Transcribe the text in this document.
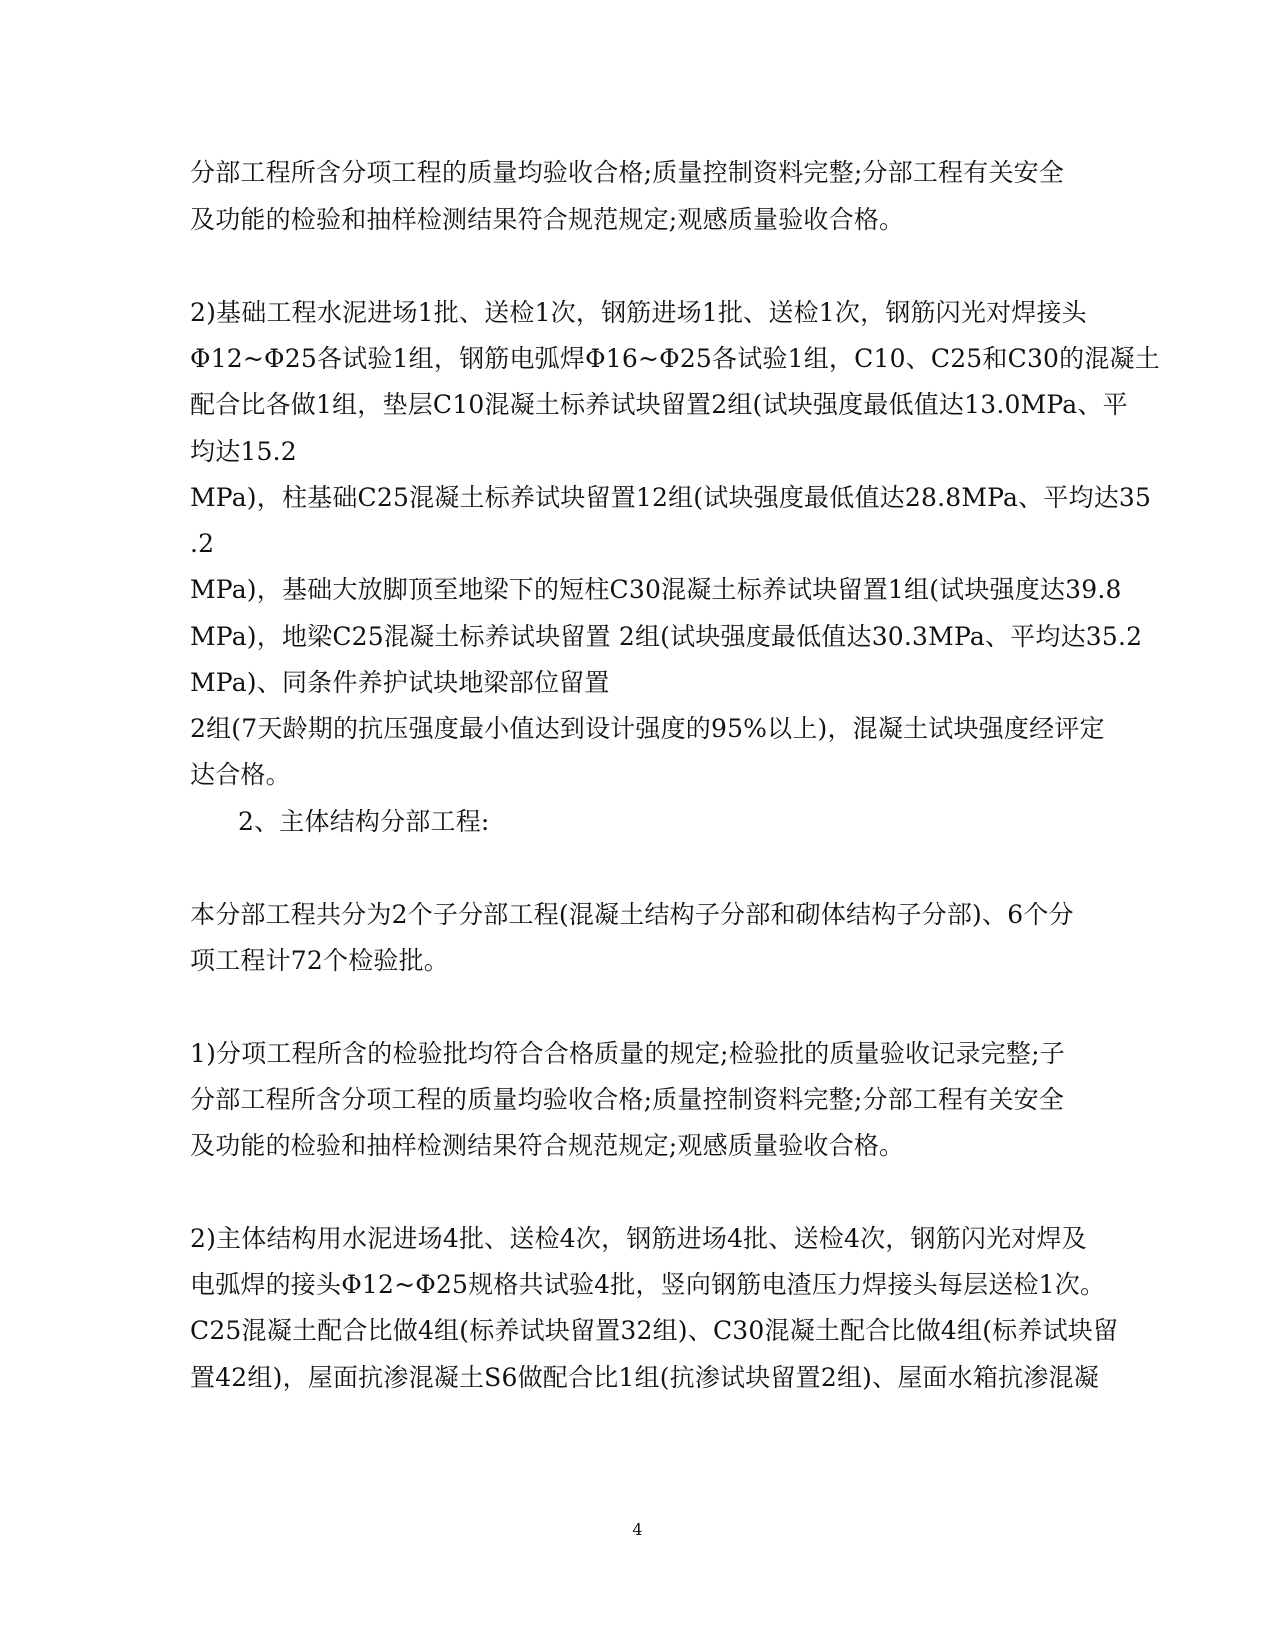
分部工程所含分项工程的质量均验收合格;质量控制资料完整;分部工程有关安全
及功能的检验和抽样检测结果符合规范规定;观感质量验收合格。
2)基础工程水泥进场1批、送检1次，钢筋进场1批、送检1次，钢筋闪光对焊接头
Φ12~Φ25各试验1组，钢筋电弧焊Φ16~Φ25各试验1组，C10、C25和C30的混凝土
配合比各做1组，垫层C10混凝土标养试块留置2组(试块强度最低值达13.0MPa、平
均达15.2
MPa)，柱基础C25混凝土标养试块留置12组(试块强度最低值达28.8MPa、平均达35
.2
MPa)，基础大放脚顶至地梁下的短柱C30混凝土标养试块留置1组(试块强度达39.8
MPa)，地梁C25混凝土标养试块留置 2组(试块强度最低值达30.3MPa、平均达35.2
MPa)、同条件养护试块地梁部位留置
2组(7天龄期的抗压强度最小值达到设计强度的95%以上)，混凝土试块强度经评定
达合格。
2、主体结构分部工程:
本分部工程共分为2个子分部工程(混凝土结构子分部和砌体结构子分部)、6个分
项工程计72个检验批。
1)分项工程所含的检验批均符合合格质量的规定;检验批的质量验收记录完整;子
分部工程所含分项工程的质量均验收合格;质量控制资料完整;分部工程有关安全
及功能的检验和抽样检测结果符合规范规定;观感质量验收合格。
2)主体结构用水泥进场4批、送检4次，钢筋进场4批、送检4次，钢筋闪光对焊及
电弧焊的接头Φ12~Φ25规格共试验4批，竖向钢筋电渣压力焊接头每层送检1次。
C25混凝土配合比做4组(标养试块留置32组)、C30混凝土配合比做4组(标养试块留
置42组)，屋面抗渗混凝土S6做配合比1组(抗渗试块留置2组)、屋面水箱抗渗混凝
4
